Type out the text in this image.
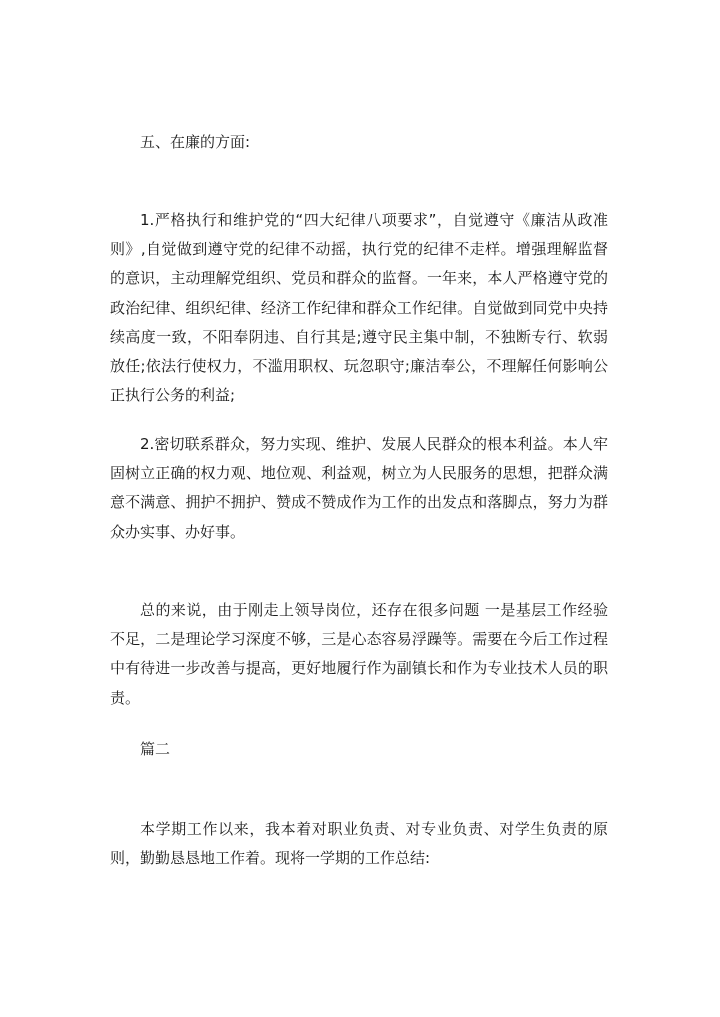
五、在廉的方面:

1.严格执行和维护党的“四大纪律八项要求”，自觉遵守《廉洁从政准则》,自觉做到遵守党的纪律不动摇，执行党的纪律不走样。增强理解监督的意识，主动理解党组织、党员和群众的监督。一年来，本人严格遵守党的政治纪律、组织纪律、经济工作纪律和群众工作纪律。自觉做到同党中央持续高度一致，不阳奉阴违、自行其是;遵守民主集中制，不独断专行、软弱放任;依法行使权力，不滥用职权、玩忽职守;廉洁奉公，不理解任何影响公正执行公务的利益;

2.密切联系群众，努力实现、维护、发展人民群众的根本利益。本人牢固树立正确的权力观、地位观、利益观，树立为人民服务的思想，把群众满意不满意、拥护不拥护、赞成不赞成作为工作的出发点和落脚点，努力为群众办实事、办好事。

总的来说，由于刚走上领导岗位，还存在很多问题 一是基层工作经验不足，二是理论学习深度不够，三是心态容易浮躁等。需要在今后工作过程中有待进一步改善与提高，更好地履行作为副镇长和作为专业技术人员的职责。

篇二

本学期工作以来，我本着对职业负责、对专业负责、对学生负责的原则，勤勤恳恳地工作着。现将一学期的工作总结:
